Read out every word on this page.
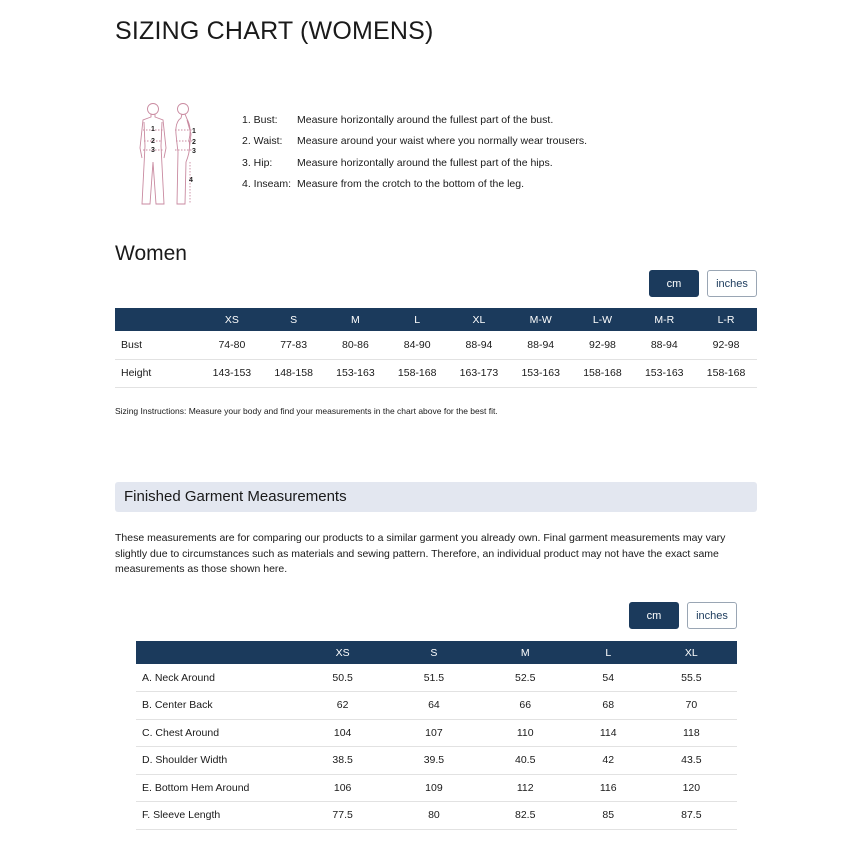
SIZING CHART (WOMENS)
1
2
3
1
2
3
4
1. Bust:	Measure horizontally around the fullest part of the bust.
2. Waist:	Measure around your waist where you normally wear trousers.
3. Hip:	Measure horizontally around the fullest part of the hips.
4. Inseam: Measure from the crotch to the bottom of the leg.
Women
cm	inches
	XS	S	M	L	XL	M-W	L-W	M-R	L-R
Bust	74-80	77-83	80-86	84-90	88-94	88-94	92-98	88-94	92-98
Height	143-153	148-158	153-163	158-168	163-173	153-163	158-168	153-163	158-168

Sizing Instructions: Measure your body and find your measurements in the chart above for the best fit.

Finished Garment Measurements

These measurements are for comparing our products to a similar garment you already own. Final garment measurements may vary slightly due to circumstances such as materials and sewing pattern. Therefore, an individual product may not have the exact same measurements as those shown here.

cm	inches
	XS	S	M	L	XL
A. Neck Around	50.5	51.5	52.5	54	55.5
B. Center Back	62	64	66	68	70
C. Chest Around	104	107	110	114	118
D. Shoulder Width	38.5	39.5	40.5	42	43.5
E. Bottom Hem Around	106	109	112	116	120
F. Sleeve Length	77.5	80	82.5	85	87.5
